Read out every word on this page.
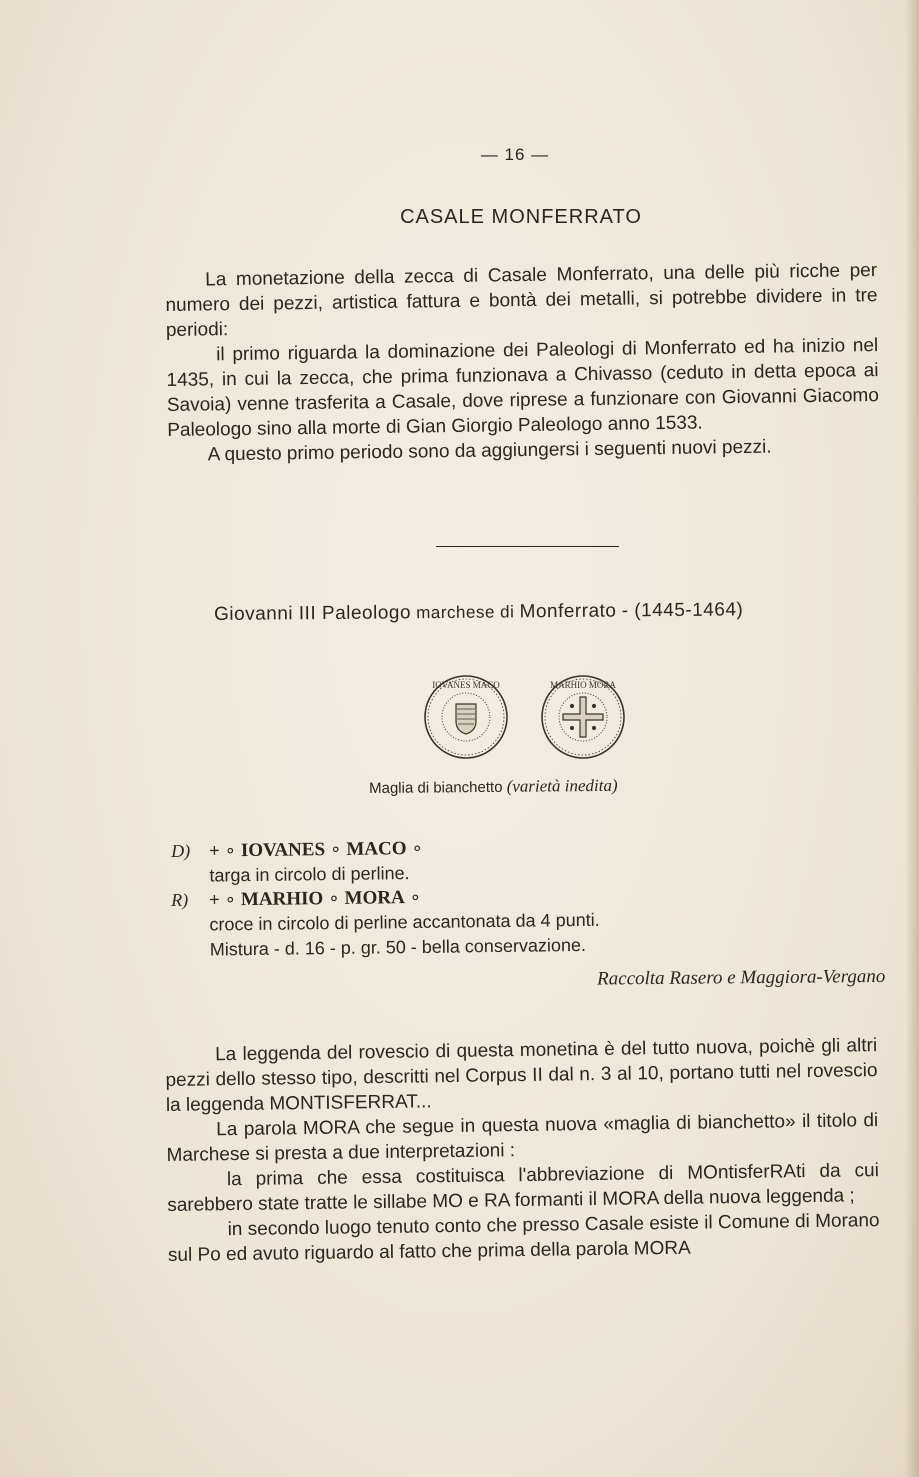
— 16 —
CASALE MONFERRATO

La monetazione della zecca di Casale Monferrato, una delle più ricche per numero dei pezzi, artistica fattura e bontà dei metalli, si potrebbe dividere in tre periodi:

il primo riguarda la dominazione dei Paleologi di Monferrato ed ha inizio nel 1435, in cui la zecca, che prima funzionava a Chivasso (ceduto in detta epoca ai Savoia) venne trasferita a Casale, dove riprese a funzionare con Giovanni Giacomo Paleologo sino alla morte di Gian Giorgio Paleologo anno 1533.

A questo primo periodo sono da aggiungersi i seguenti nuovi pezzi.

Giovanni III Paleologo marchese di Monferrato - (1445-1464)
IOVANES MACO	MARHIO MORA
Maglia di bianchetto (varietà inedita)
D) + ∘ IOVANES ∘ MACO ∘
targa in circolo di perline.
R) + ∘ MARHIO ∘ MORA ∘
croce in circolo di perline accantonata da 4 punti.
Mistura - d. 16 - p. gr. 50 - bella conservazione.
Raccolta Rasero e Maggiora-Vergano

La leggenda del rovescio di questa monetina è del tutto nuova, poichè gli altri pezzi dello stesso tipo, descritti nel Corpus II dal n. 3 al 10, portano tutti nel rovescio la leggenda MONTISFERRAT...

La parola MORA che segue in questa nuova «maglia di bianchetto» il titolo di Marchese si presta a due interpretazioni :

la prima che essa costituisca l'abbreviazione di MOntisferRAti da cui sarebbero state tratte le sillabe MO e RA formanti il MORA della nuova leggenda ;

in secondo luogo tenuto conto che presso Casale esiste il Comune di Morano sul Po ed avuto riguardo al fatto che prima della parola MORA
